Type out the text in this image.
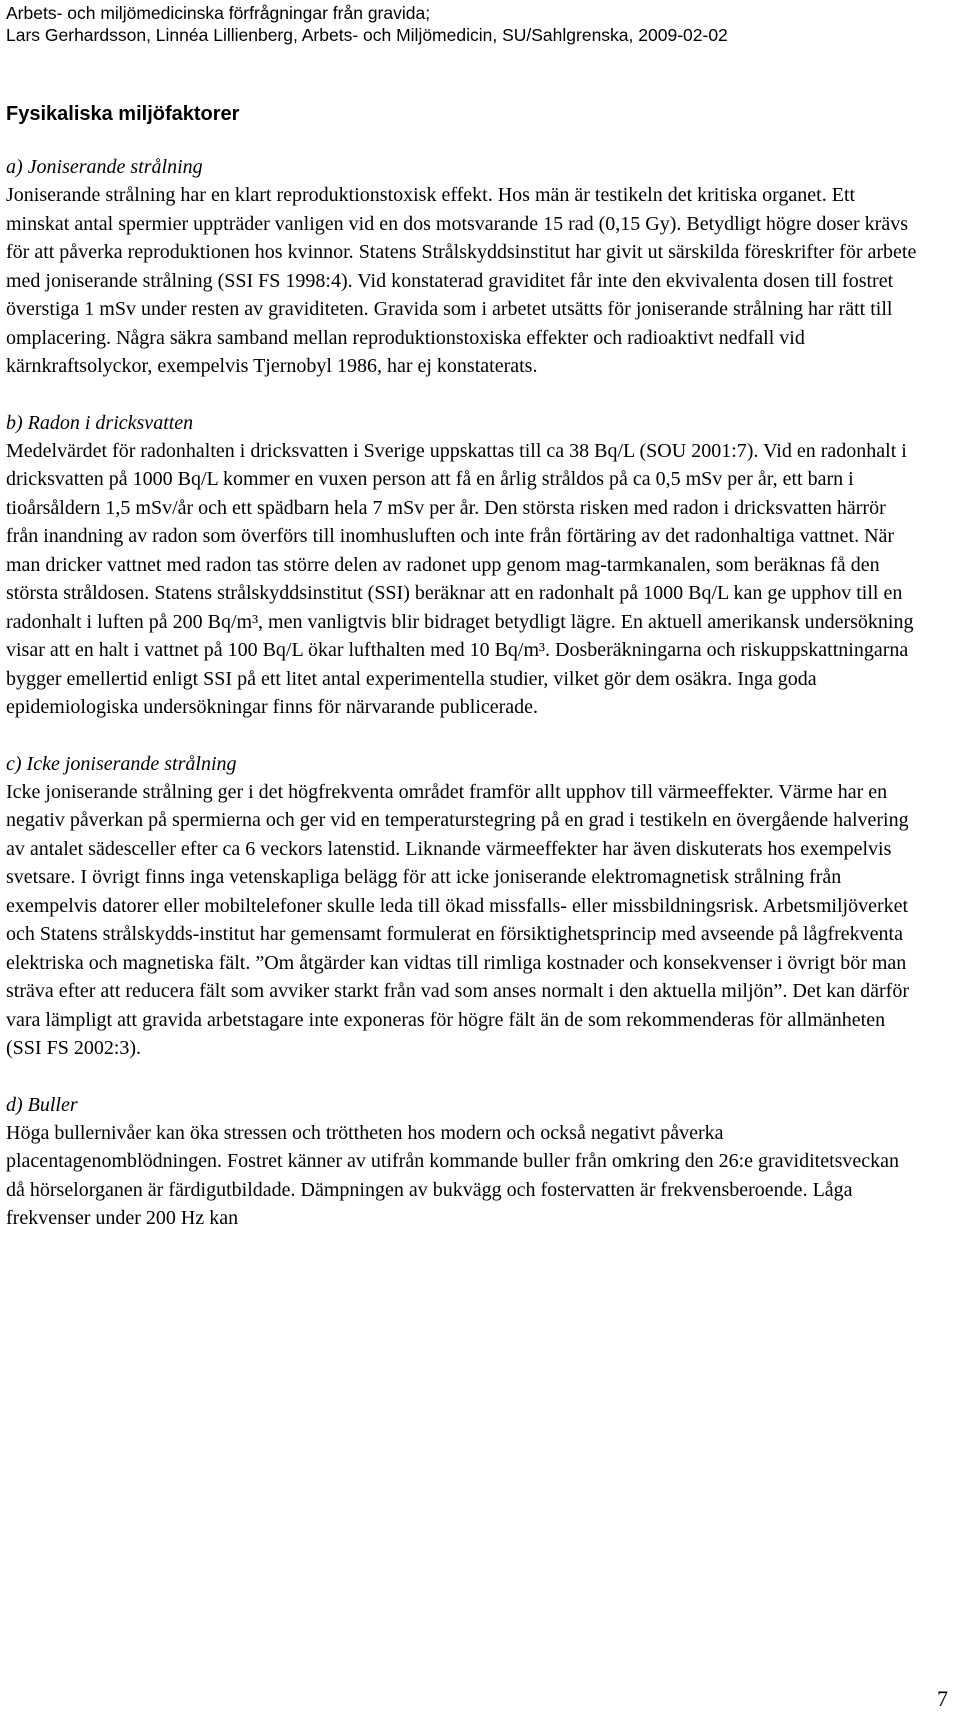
Arbets- och miljömedicinska förfrågningar från gravida;
Lars Gerhardsson, Linnéa Lillienberg, Arbets- och Miljömedicin, SU/Sahlgrenska, 2009-02-02
Fysikaliska miljöfaktorer
a) Joniserande strålning

Joniserande strålning har en klart reproduktionstoxisk effekt. Hos män är testikeln det kritiska organet. Ett minskat antal spermier uppträder vanligen vid en dos motsvarande 15 rad (0,15 Gy). Betydligt högre doser krävs för att påverka reproduktionen hos kvinnor. Statens Strålskyddsinstitut har givit ut särskilda föreskrifter för arbete med joniserande strålning (SSI FS 1998:4). Vid konstaterad graviditet får inte den ekvivalenta dosen till fostret överstiga 1 mSv under resten av graviditeten. Gravida som i arbetet utsätts för joniserande strålning har rätt till omplacering. Några säkra samband mellan reproduktionstoxiska effekter och radioaktivt nedfall vid kärnkraftsolyckor, exempelvis Tjernobyl 1986, har ej konstaterats.

b) Radon i dricksvatten

Medelvärdet för radonhalten i dricksvatten i Sverige uppskattas till ca 38 Bq/L (SOU 2001:7). Vid en radonhalt i dricksvatten på 1000 Bq/L kommer en vuxen person att få en årlig stråldos på ca 0,5 mSv per år, ett barn i tioårsåldern 1,5 mSv/år och ett spädbarn hela 7 mSv per år. Den största risken med radon i dricksvatten härrör från inandning av radon som överförs till inomhusluften och inte från förtäring av det radonhaltiga vattnet. När man dricker vattnet med radon tas större delen av radonet upp genom mag-tarmkanalen, som beräknas få den största stråldosen. Statens strålskyddsinstitut (SSI) beräknar att en radonhalt på 1000 Bq/L kan ge upphov till en radonhalt i luften på 200 Bq/m³, men vanligtvis blir bidraget betydligt lägre. En aktuell amerikansk undersökning visar att en halt i vattnet på 100 Bq/L ökar lufthalten med 10 Bq/m³. Dosberäkningarna och riskuppskattningarna bygger emellertid enligt SSI på ett litet antal experimentella studier, vilket gör dem osäkra. Inga goda epidemiologiska undersökningar finns för närvarande publicerade.

c) Icke joniserande strålning

Icke joniserande strålning ger i det högfrekventa området framför allt upphov till värmeeffekter. Värme har en negativ påverkan på spermierna och ger vid en temperaturstegring på en grad i testikeln en övergående halvering av antalet sädesceller efter ca 6 veckors latenstid. Liknande värmeeffekter har även diskuterats hos exempelvis svetsare. I övrigt finns inga vetenskapliga belägg för att icke joniserande elektromagnetisk strålning från exempelvis datorer eller mobiltelefoner skulle leda till ökad missfalls- eller missbildningsrisk. Arbetsmiljöverket och Statens strålskydds-institut har gemensamt formulerat en försiktighetsprincip med avseende på lågfrekventa elektriska och magnetiska fält. ”Om åtgärder kan vidtas till rimliga kostnader och konsekvenser i övrigt bör man sträva efter att reducera fält som avviker starkt från vad som anses normalt i den aktuella miljön”. Det kan därför vara lämpligt att gravida arbetstagare inte exponeras för högre fält än de som rekommenderas för allmänheten (SSI FS 2002:3).

d) Buller

Höga bullernivåer kan öka stressen och tröttheten hos modern och också negativt påverka placentagenomblödningen. Fostret känner av utifrån kommande buller från omkring den 26:e graviditetsveckan då hörselorganen är färdigutbildade. Dämpningen av bukvägg och fostervatten är frekvensberoende. Låga frekvenser under 200 Hz kan

7
